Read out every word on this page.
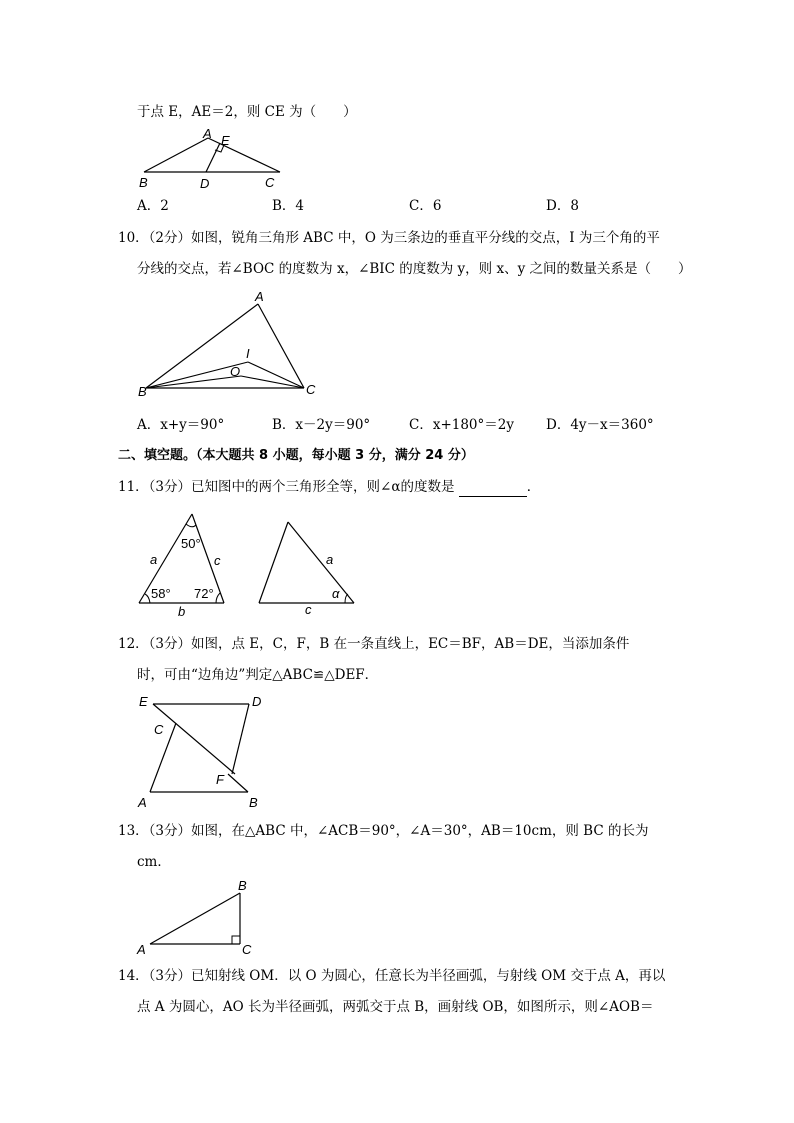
于点 E，AE＝2，则 CE 为（　　）
A E
B	D	C
A．2	B．4	C．6	D．8
10．（2分）如图，锐角三角形 ABC 中，O 为三条边的垂直平分线的交点，I 为三个角的平
分线的交点，若∠BOC 的度数为 x，∠BIC 的度数为 y，则 x、y 之间的数量关系是（　　）
A
I
O
B	C
A．x+y＝90°	B．x－2y＝90°	C．x+180°＝2y D．4y－x＝360°
二、填空题。（本大题共 8 小题，每小题 3 分，满分 24 分）
11．（3分）已知图中的两个三角形全等，则∠α的度数是	．
50°
58° 72°
a	c
b
a
c
α
12．（3分）如图，点 E，C，F，B 在一条直线上，EC＝BF，AB＝DE，当添加条件
时，可由“边角边”判定△ABC≌△DEF．
E	D
C
F
A	B
13．（3分）如图，在△ABC 中，∠ACB＝90°，∠A＝30°，AB＝10cm，则 BC 的长为
cm．
B
A	C
14．（3分）已知射线 OM．以 O 为圆心，任意长为半径画弧，与射线 OM 交于点 A，再以
点 A 为圆心，AO 长为半径画弧，两弧交于点 B，画射线 OB，如图所示，则∠AOB＝
